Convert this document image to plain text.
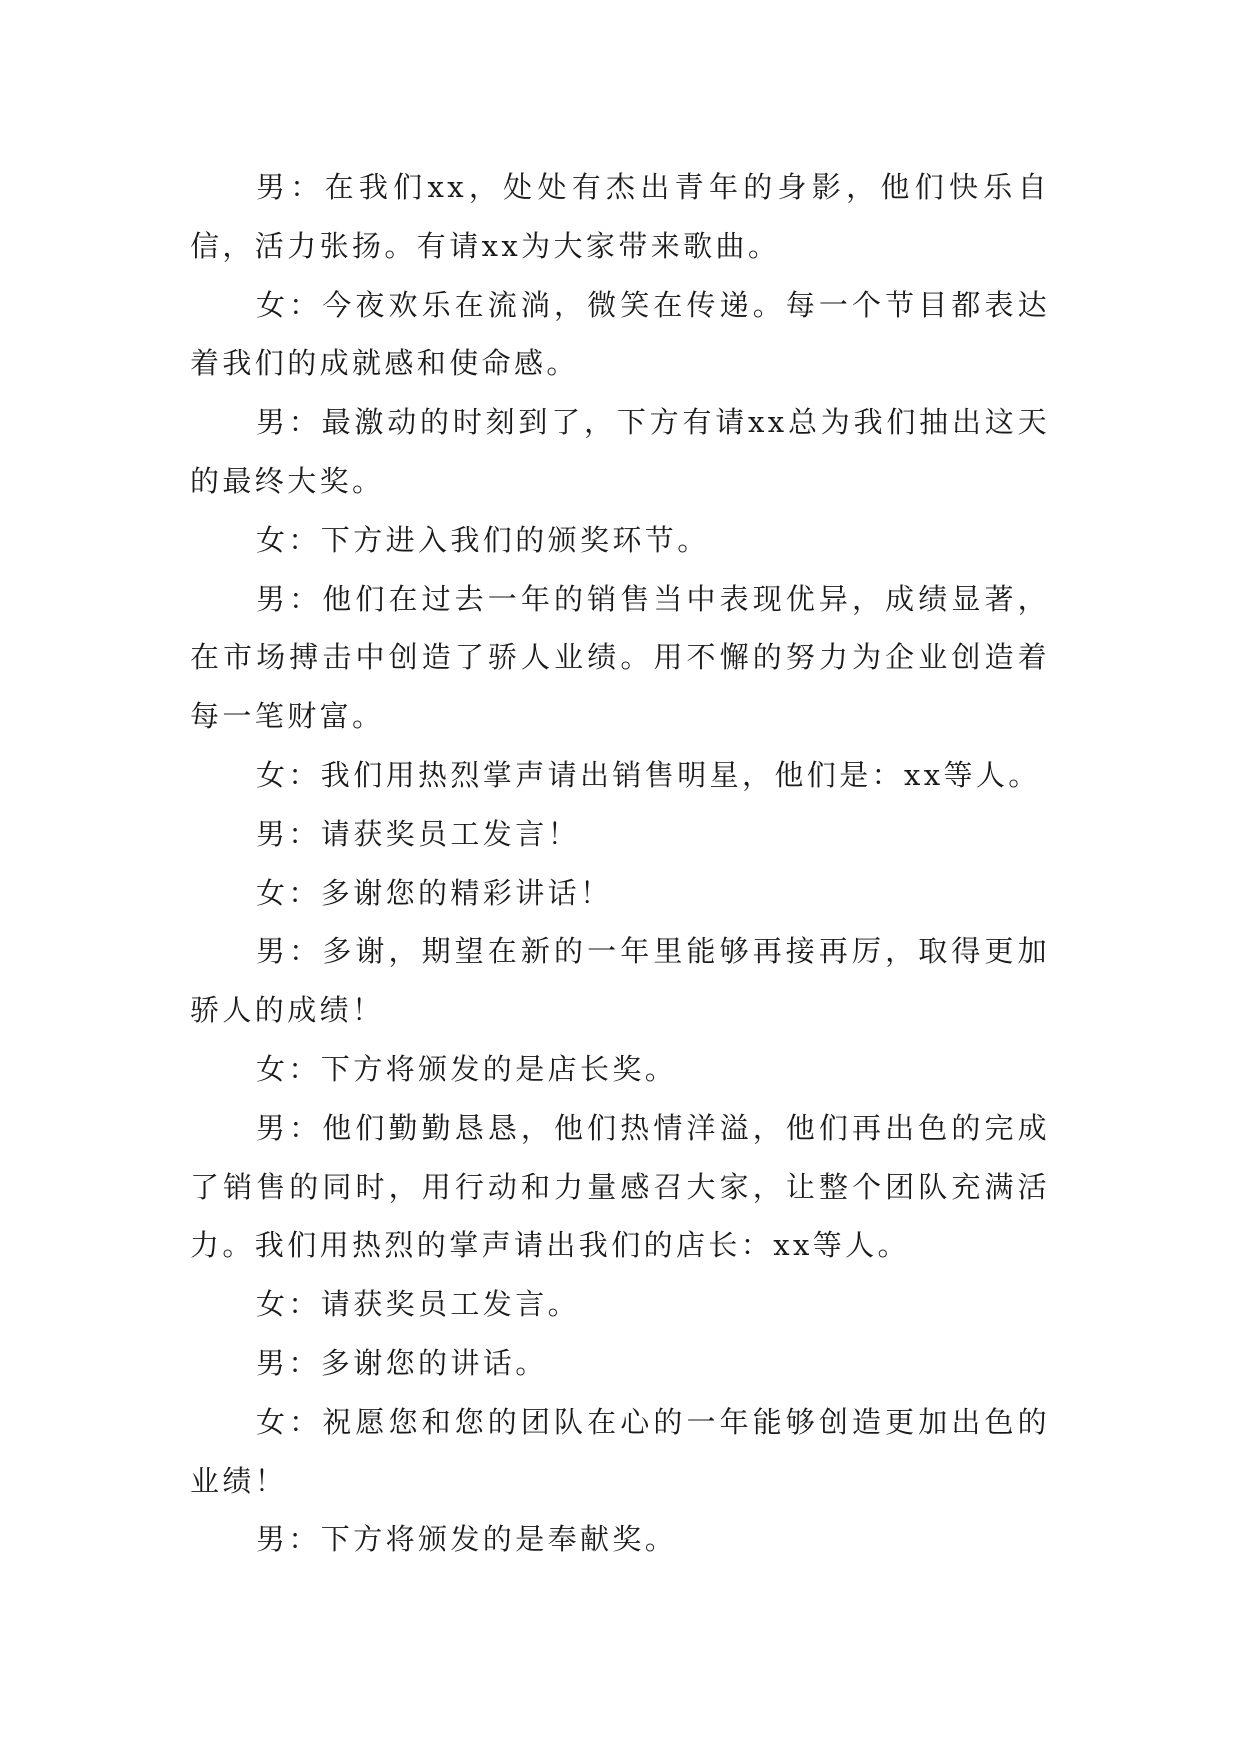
男：在我们xx，处处有杰出青年的身影，他们快乐自信，活力张扬。有请xx为大家带来歌曲。

女：今夜欢乐在流淌，微笑在传递。每一个节目都表达着我们的成就感和使命感。

男：最激动的时刻到了，下方有请xx总为我们抽出这天的最终大奖。

女：下方进入我们的颁奖环节。

男：他们在过去一年的销售当中表现优异，成绩显著，在市场搏击中创造了骄人业绩。用不懈的努力为企业创造着每一笔财富。

女：我们用热烈掌声请出销售明星，他们是：xx等人。

男：请获奖员工发言！

女：多谢您的精彩讲话！

男：多谢，期望在新的一年里能够再接再厉，取得更加骄人的成绩！

女：下方将颁发的是店长奖。

男：他们勤勤恳恳，他们热情洋溢，他们再出色的完成了销售的同时，用行动和力量感召大家，让整个团队充满活力。我们用热烈的掌声请出我们的店长：xx等人。

女：请获奖员工发言。

男：多谢您的讲话。

女：祝愿您和您的团队在心的一年能够创造更加出色的业绩！

男：下方将颁发的是奉献奖。
